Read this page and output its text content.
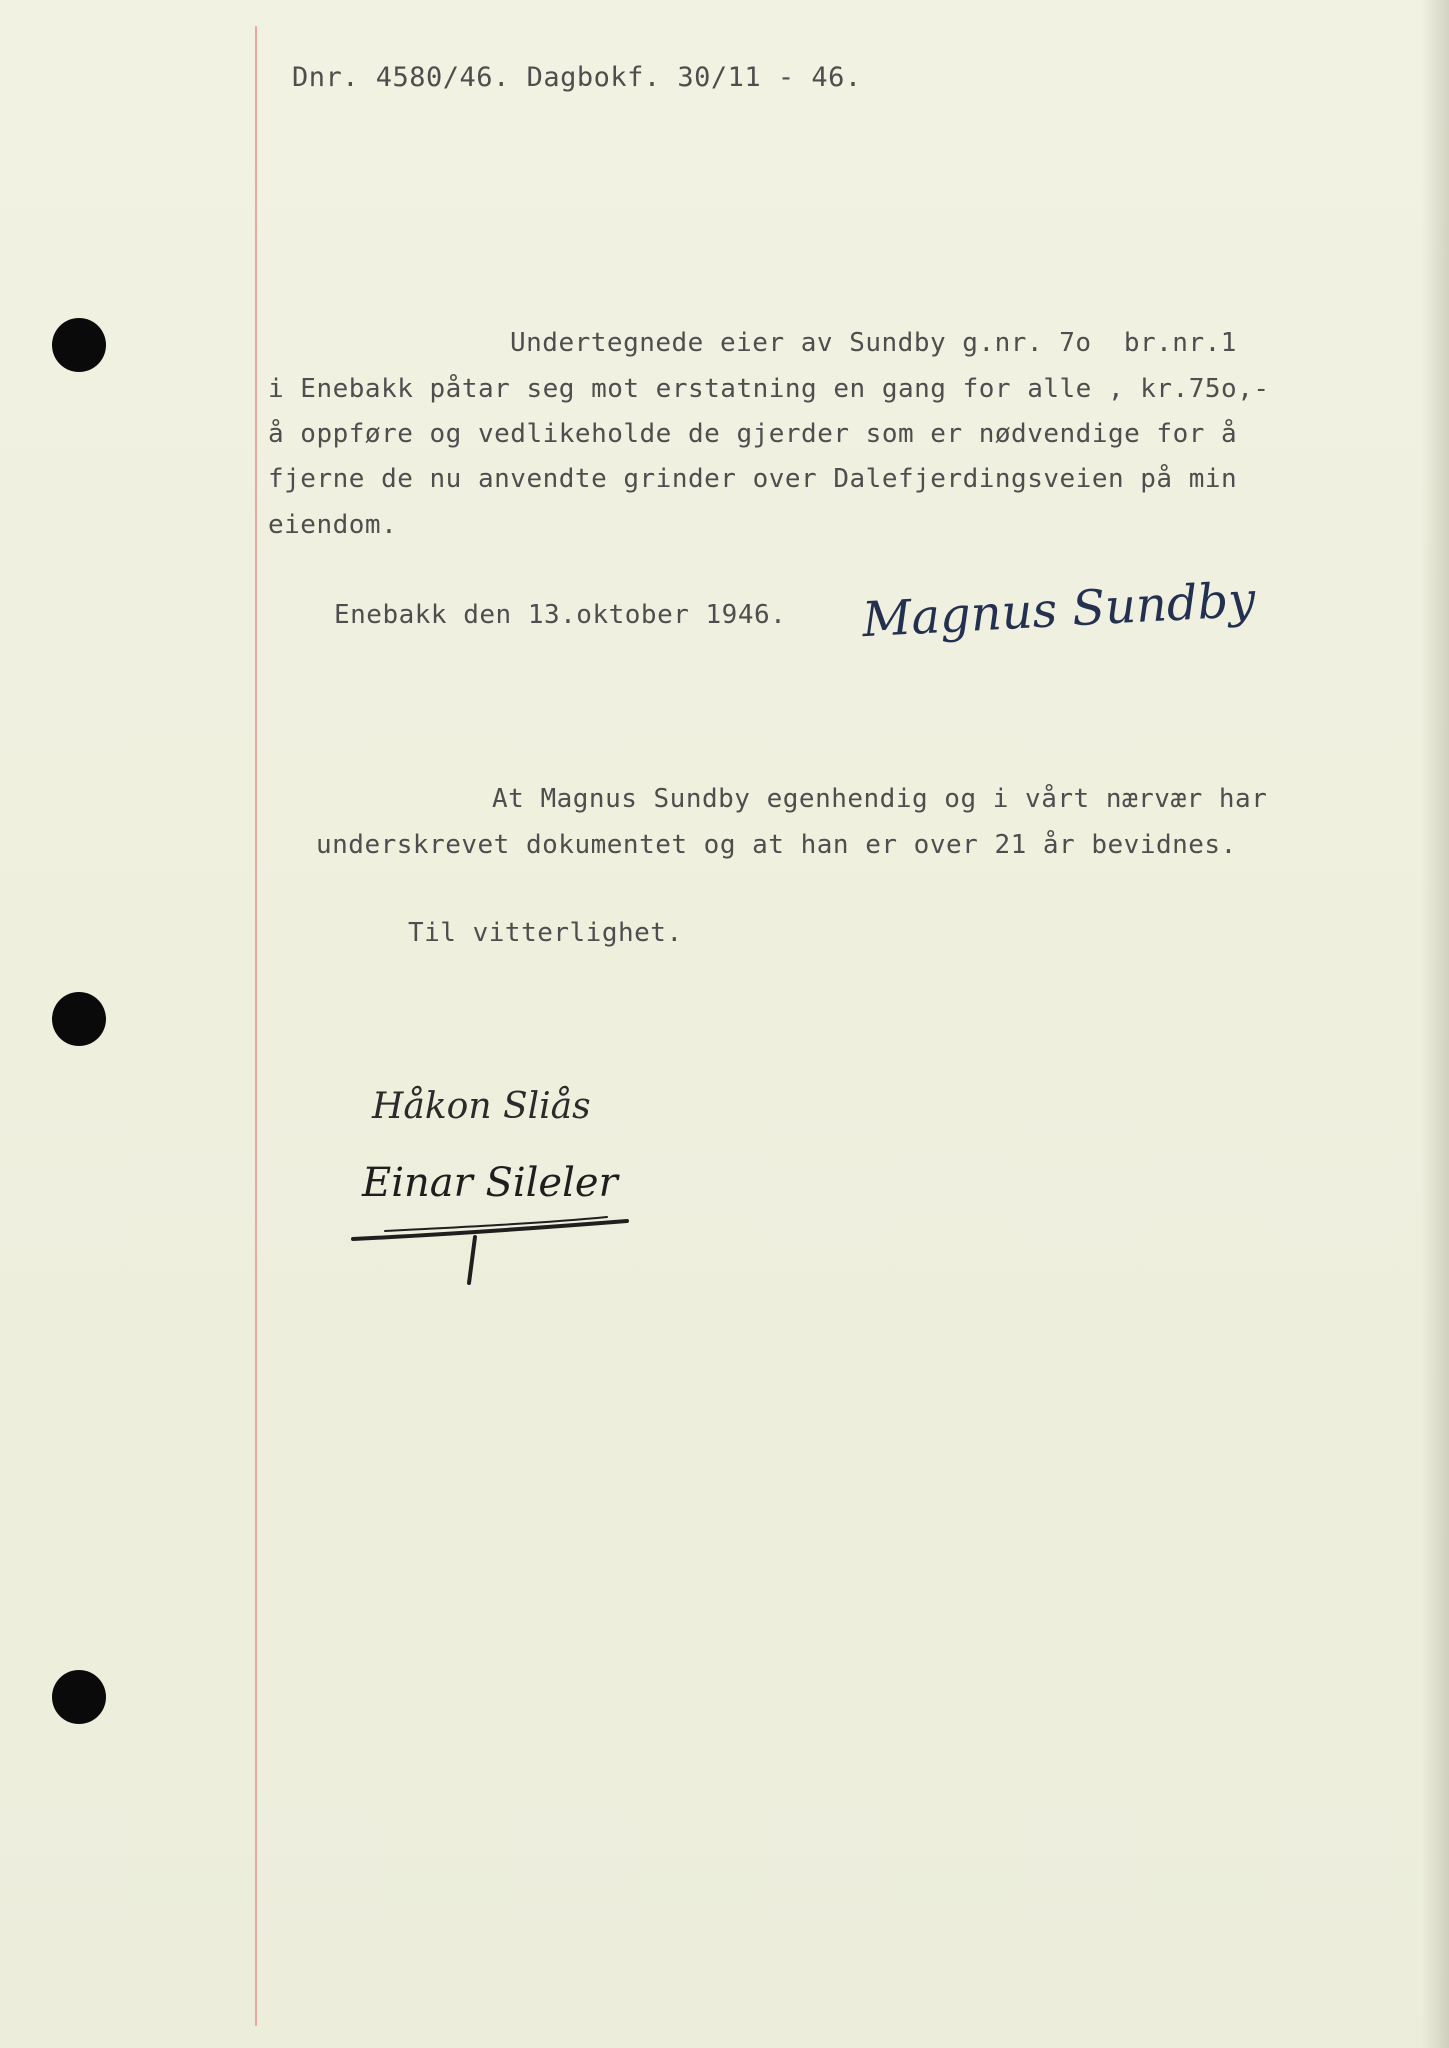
Dnr. 4580/46. Dagbokf. 30/11 - 46.
Undertegnede eier av Sundby g.nr. 7o  br.nr.1
i Enebakk påtar seg mot erstatning en gang for alle , kr.75o,-
å oppføre og vedlikeholde de gjerder som er nødvendige for å
fjerne de nu anvendte grinder over Dalefjerdingsveien på min
eiendom.
Enebakk den 13.oktober 1946. Magnus Sundby
At Magnus Sundby egenhendig og i vårt nærvær har
underskrevet dokumentet og at han er over 21 år bevidnes.
Til vitterlighet.
Håkon Sliås
Einar Sileler
